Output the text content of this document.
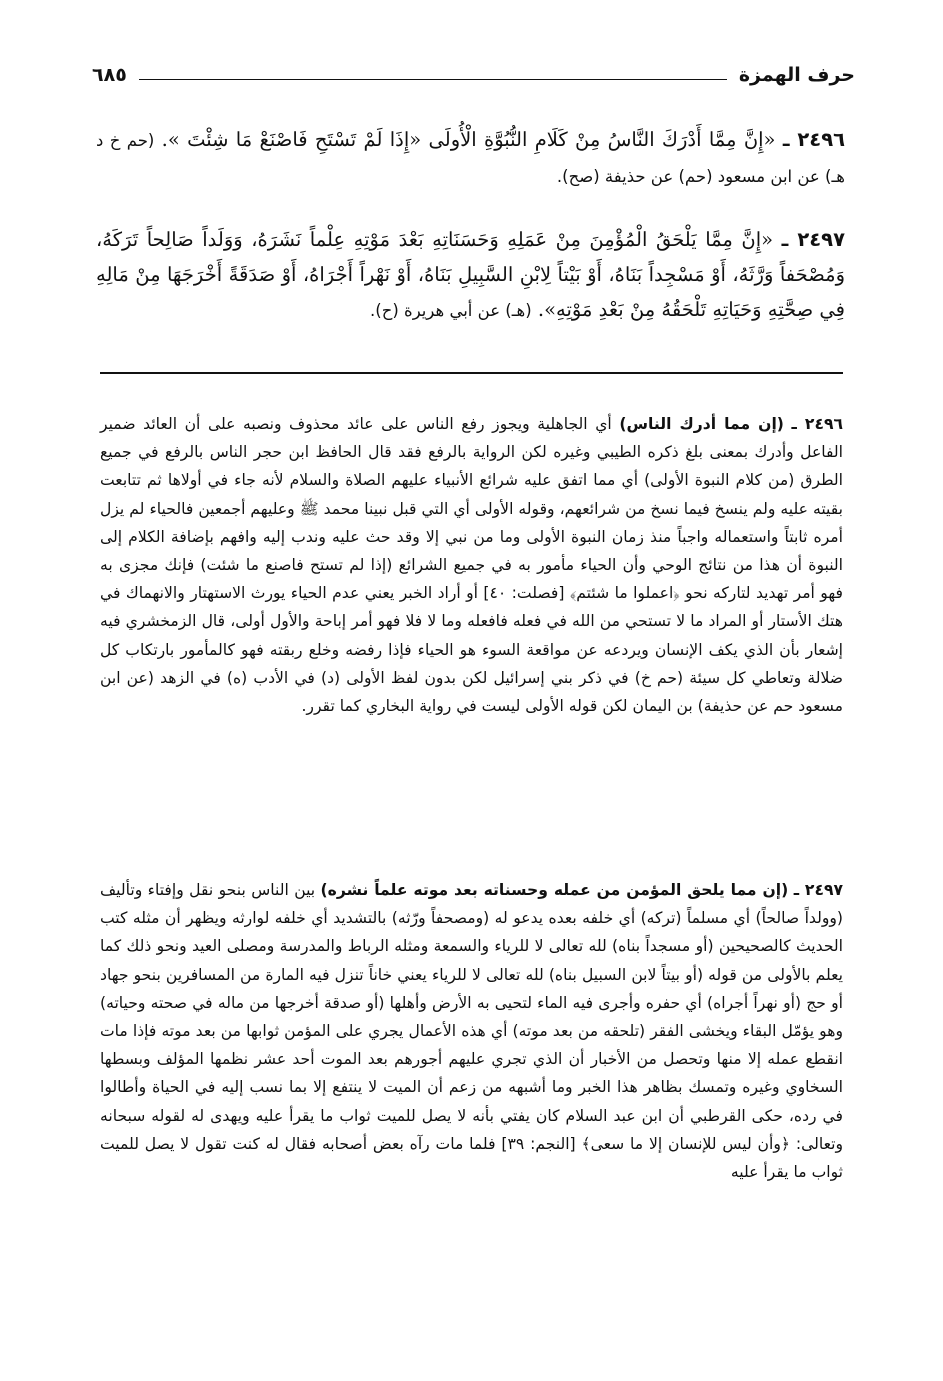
حرف الهمزة
٦٨٥
٢٤٩٦ ـ «إِنَّ مِمَّا أَدْرَكَ النَّاسُ مِنْ كَلَامِ النُّبُوَّةِ الْأُولَى «إِذَا لَمْ تَسْتَحِ فَاصْنَعْ مَا شِئْتَ ». (حم خ د هـ) عن ابن مسعود (حم) عن حذيفة (صح).
٢٤٩٧ ـ «إِنَّ مِمَّا يَلْحَقُ الْمُؤْمِنَ مِنْ عَمَلِهِ وَحَسَنَاتِهِ بَعْدَ مَوْتِهِ عِلْماً نَشَرَهُ، وَوَلَداً صَالِحاً تَرَكَهُ، وَمُصْحَفاً وَرَّثَهُ، أَوْ مَسْجِداً بَنَاهُ، أَوْ بَيْتاً لِابْنِ السَّبِيلِ بَنَاهُ، أَوْ نَهْراً أَجْرَاهُ، أَوْ صَدَقَةً أَخْرَجَهَا مِنْ مَالِهِ فِي صِحَّتِهِ وَحَيَاتِهِ تَلْحَقُهُ مِنْ بَعْدِ مَوْتِهِ». (هـ) عن أبي هريرة (ح).
٢٤٩٦ ـ (إن مما أدرك الناس) أي الجاهلية ويجوز رفع الناس على عائد محذوف ونصبه على أن العائد ضمير الفاعل وأدرك بمعنى بلغ ذكره الطيبي وغيره لكن الرواية بالرفع فقد قال الحافظ ابن حجر الناس بالرفع في جميع الطرق (من كلام النبوة الأولى) أي مما اتفق عليه شرائع الأنبياء عليهم الصلاة والسلام لأنه جاء في أولاها ثم تتابعت بقيته عليه ولم ينسخ فيما نسخ من شرائعهم، وقوله الأولى أي التي قبل نبينا محمد ﷺ وعليهم أجمعين فالحياء لم يزل أمره ثابتاً واستعماله واجباً منذ زمان النبوة الأولى وما من نبي إلا وقد حث عليه وندب إليه وافهم بإضافة الكلام إلى النبوة أن هذا من نتائج الوحي وأن الحياء مأمور به في جميع الشرائع (إذا لم تستح فاصنع ما شئت) فإنك مجزى به فهو أمر تهديد لتاركه نحو ﴿اعملوا ما شئتم﴾ [فصلت: ٤٠] أو أراد الخبر يعني عدم الحياء يورث الاستهتار والانهماك في هتك الأستار أو المراد ما لا تستحي من الله في فعله فافعله وما لا فلا فهو أمر إباحة والأول أولى، قال الزمخشري فيه إشعار بأن الذي يكف الإنسان ويردعه عن مواقعة السوء هو الحياء فإذا رفضه وخلع ربقته فهو كالمأمور بارتكاب كل ضلالة وتعاطي كل سيئة (حم خ) في ذكر بني إسرائيل لكن بدون لفظ الأولى (د) في الأدب (ه) في الزهد (عن ابن مسعود حم عن حذيفة) بن اليمان لكن قوله الأولى ليست في رواية البخاري كما تقرر.
٢٤٩٧ ـ (إن مما يلحق المؤمن من عمله وحسناته بعد موته علماً نشره) بين الناس بنحو نقل وإفتاء وتأليف (وولداً صالحاً) أي مسلماً (تركه) أي خلفه بعده يدعو له (ومصحفاً ورّثه) بالتشديد أي خلفه لوارثه ويظهر أن مثله كتب الحديث كالصحيحين (أو مسجداً بناه) لله تعالى لا للرياء والسمعة ومثله الرباط والمدرسة ومصلى العيد ونحو ذلك كما يعلم بالأولى من قوله (أو بيتاً لابن السبيل بناه) لله تعالى لا للرياء يعني خاناً تنزل فيه المارة من المسافرين بنحو جهاد أو حج (أو نهراً أجراه) أي حفره وأجرى فيه الماء لتحيى به الأرض وأهلها (أو صدقة أخرجها من ماله في صحته وحياته) وهو يؤمّل البقاء ويخشى الفقر (تلحقه من بعد موته) أي هذه الأعمال يجري على المؤمن ثوابها من بعد موته فإذا مات انقطع عمله إلا منها وتحصل من الأخبار أن الذي تجري عليهم أجورهم بعد الموت أحد عشر نظمها المؤلف وبسطها السخاوي وغيره وتمسك بظاهر هذا الخبر وما أشبهه من زعم أن الميت لا ينتفع إلا بما نسب إليه في الحياة وأطالوا في رده، حكى القرطبي أن ابن عبد السلام كان يفتي بأنه لا يصل للميت ثواب ما يقرأ عليه ويهدى له لقوله سبحانه وتعالى: ﴿وأن ليس للإنسان إلا ما سعى﴾ [النجم: ٣٩] فلما مات رآه بعض أصحابه فقال له كنت تقول لا يصل للميت ثواب ما يقرأ عليه
